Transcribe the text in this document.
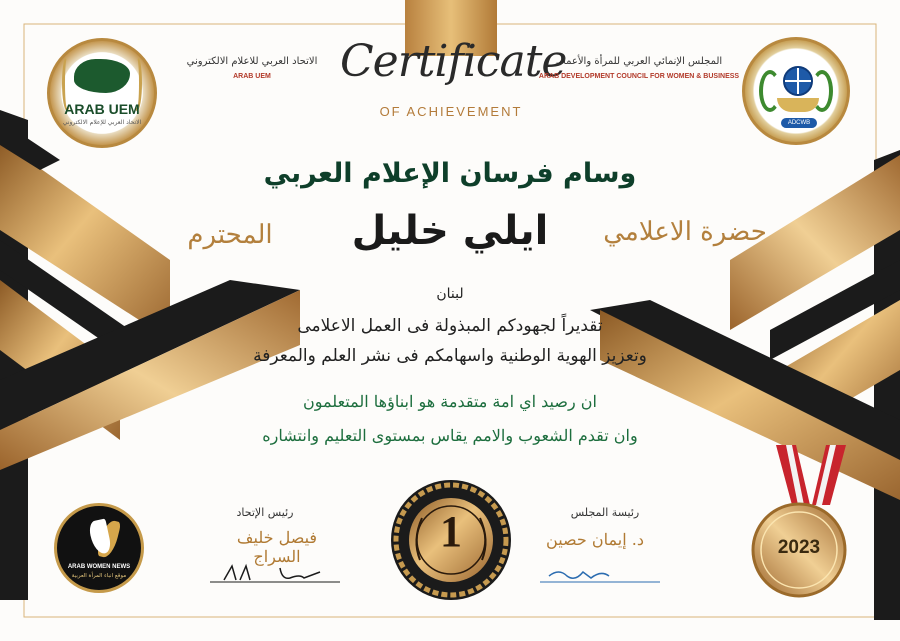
ARAB UEM
الاتحاد العربي للإعلام الالكتروني
الاتحاد العربي للاعلام الالكتروني
ARAB UEM	Certificate
OF ACHIEVEMENT
المجلس الإنمائي العربي للمرأة والأعمال
ARAB DEVELOPMENT COUNCIL FOR WOMEN & BUSINESS
ADCWB
وسام فرسان الإعلام العربي
حضرة الاعلامي
ايلي خليل
المحترم
لبنان
تقديراً لجهودكم المبذولة فى العمل الاعلامى
وتعزيز الهوية الوطنية واسهامكم فى نشر العلم والمعرفة
ان رصيد اي امة متقدمة هو ابناؤها المتعلمون
وان تقدم الشعوب والامم يقاس بمستوى التعليم وانتشاره
ARAB WOMEN NEWS
موقع انباء المرأة العربية
رئيس الإتحاد
فيصل خليف السراج
1	رئيسة المجلس
د. إيمان حصين	2023
